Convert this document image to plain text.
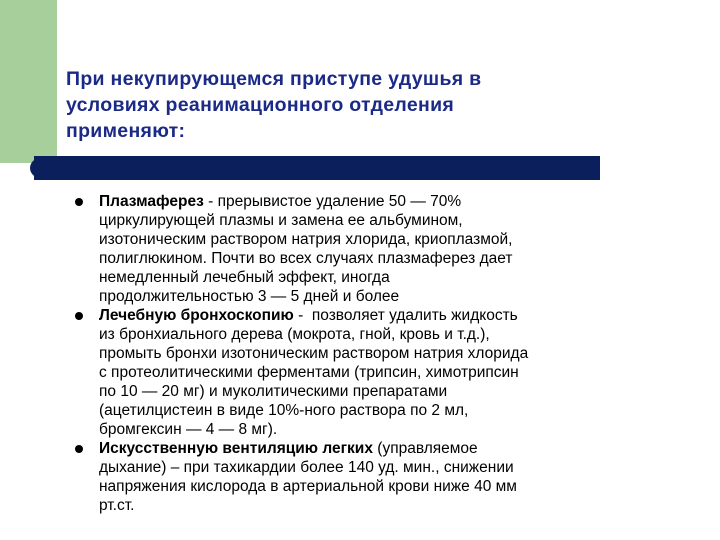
При некупирующемся приступе удушья в
условиях реанимационного отделения
применяют:
Плазмаферез - прерывистое удаление 50 — 70%
циркулирующей плазмы и замена ее альбумином,
изотоническим раствором натрия хлорида, криоплазмой,
полиглюкином. Почти во всех случаях плазмаферез дает
немедленный лечебный эффект, иногда
продолжительностью 3 — 5 дней и более
Лечебную бронхоскопию -  позволяет удалить жидкость
из бронхиального дерева (мокрота, гной, кровь и т.д.),
промыть бронхи изотоническим раствором натрия хлорида
с протеолитическими ферментами (трипсин, химотрипсин
по 10 — 20 мг) и муколитическими препаратами
(ацетилцистеин в виде 10%-ного раствора по 2 мл,
бромгексин — 4 — 8 мг).
Искусственную вентиляцию легких (управляемое
дыхание) – при тахикардии более 140 уд. мин., снижении
напряжения кислорода в артериальной крови ниже 40 мм
рт.ст.
